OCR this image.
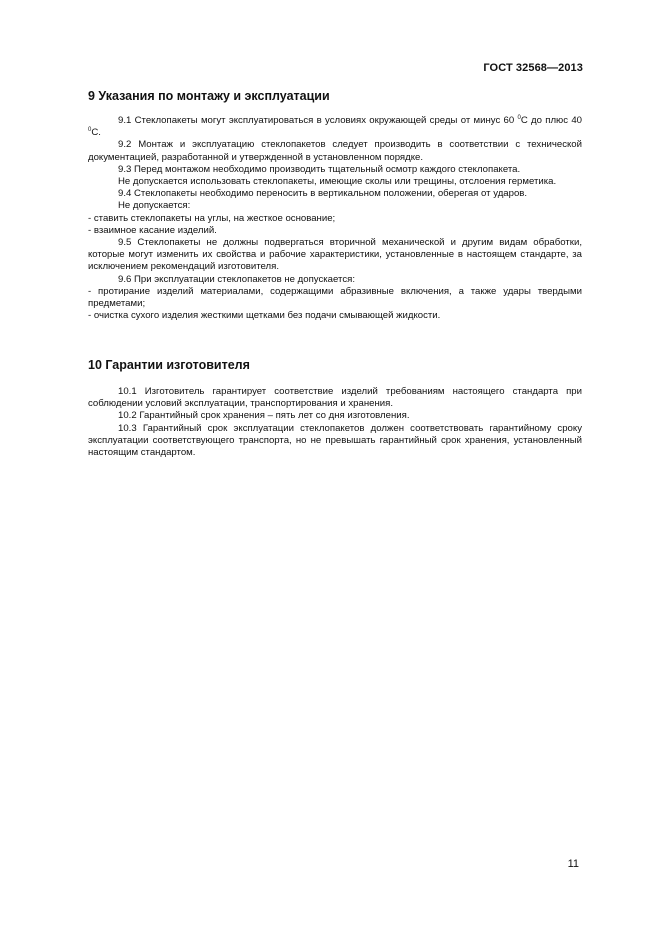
ГОСТ 32568—2013
9 Указания по монтажу и эксплуатации

9.1 Стеклопакеты могут эксплуатироваться в условиях окружающей среды от минус 60 $^0$С до плюс 40 $^0$С.

9.2 Монтаж и эксплуатацию стеклопакетов следует производить в соответствии с технической документацией, разработанной и утвержденной в установленном порядке.

9.3 Перед монтажом необходимо производить тщательный осмотр каждого стеклопакета.

Не допускается использовать стеклопакеты, имеющие сколы или трещины, отслоения герметика.

9.4 Стеклопакеты необходимо переносить в вертикальном положении, оберегая от ударов.

Не допускается:

- ставить стеклопакеты на углы, на жесткое основание;

- взаимное касание изделий.

9.5 Стеклопакеты не должны подвергаться вторичной механической и другим видам обработки, которые могут изменить их свойства и рабочие характеристики, установленные в настоящем стандарте, за исключением рекомендаций изготовителя.

9.6 При эксплуатации стеклопакетов не допускается:

- протирание изделий материалами, содержащими абразивные включения, а также удары твердыми предметами;

- очистка сухого изделия жесткими щетками без подачи смывающей жидкости.

10 Гарантии изготовителя

10.1 Изготовитель гарантирует соответствие изделий требованиям настоящего стандарта при соблюдении условий эксплуатации, транспортирования и хранения.

10.2 Гарантийный срок хранения – пять лет со дня изготовления.

10.3 Гарантийный срок эксплуатации стеклопакетов должен соответствовать гарантийному сроку эксплуатации соответствующего транспорта, но не превышать гарантийный срок хранения, установленный настоящим стандартом.

11
